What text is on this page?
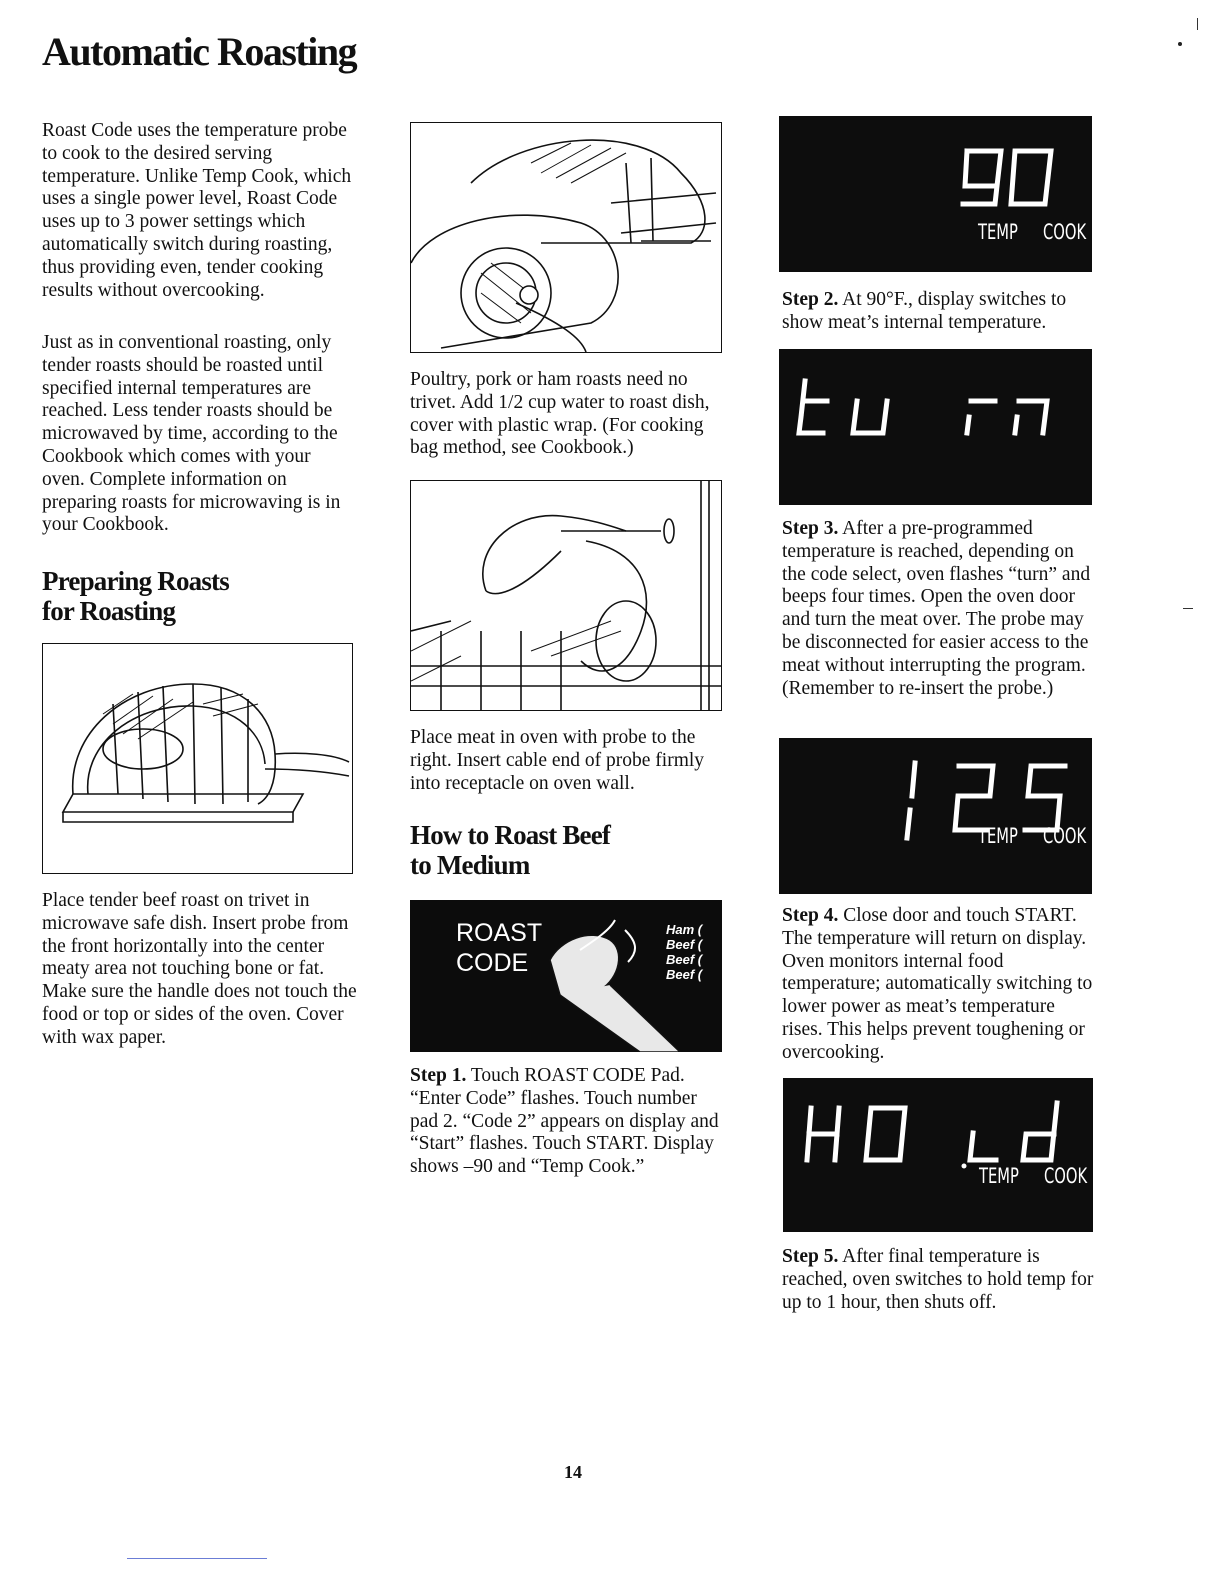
Automatic Roasting

Roast Code uses the temperature probe to cook to the desired serving temperature. Unlike Temp Cook, which uses a single power level, Roast Code uses up to 3 power settings which automatically switch during roasting, thus providing even, tender cooking results without overcooking.

Just as in conventional roasting, only tender roasts should be roasted until specified internal temperatures are reached. Less tender roasts should be microwaved by time, according to the Cookbook which comes with your oven. Complete information on preparing roasts for microwaving is in your Cookbook.

Preparing Roasts
for Roasting

Place tender beef roast on trivet in microwave safe dish. Insert probe from the front horizontally into the center meaty area not touching bone or fat. Make sure the handle does not touch the food or top or sides of the oven. Cover with wax paper.

Poultry, pork or ham roasts need no trivet. Add 1/2 cup water to roast dish, cover with plastic wrap. (For cooking bag method, see Cookbook.)

Place meat in oven with probe to the right. Insert cable end of probe firmly into receptacle on oven wall.

How to Roast Beef
to Medium
ROAST
CODE
Ham (
Beef (
Beef (
Beef (

Step 1. Touch ROAST CODE Pad. “Enter Code” flashes. Touch number pad 2. “Code 2” appears on display and “Start” flashes. Touch START. Display shows –90 and “Temp Cook.”

TEMP COOK

Step 2. At 90°F., display switches to show meat’s internal temperature.

Step 3. After a pre-programmed temperature is reached, depending on the code select, oven flashes “turn” and beeps four times. Open the oven door and turn the meat over. The probe may be disconnected for easier access to the meat without interrupting the program. (Remember to re-insert the probe.)

TEMP COOK

Step 4. Close door and touch START. The temperature will return on display. Oven monitors internal food temperature; automatically switching to lower power as meat’s temperature rises. This helps prevent toughening or overcooking.

TEMP COOK

Step 5. After final temperature is reached, oven switches to hold temp for up to 1 hour, then shuts off.

14
